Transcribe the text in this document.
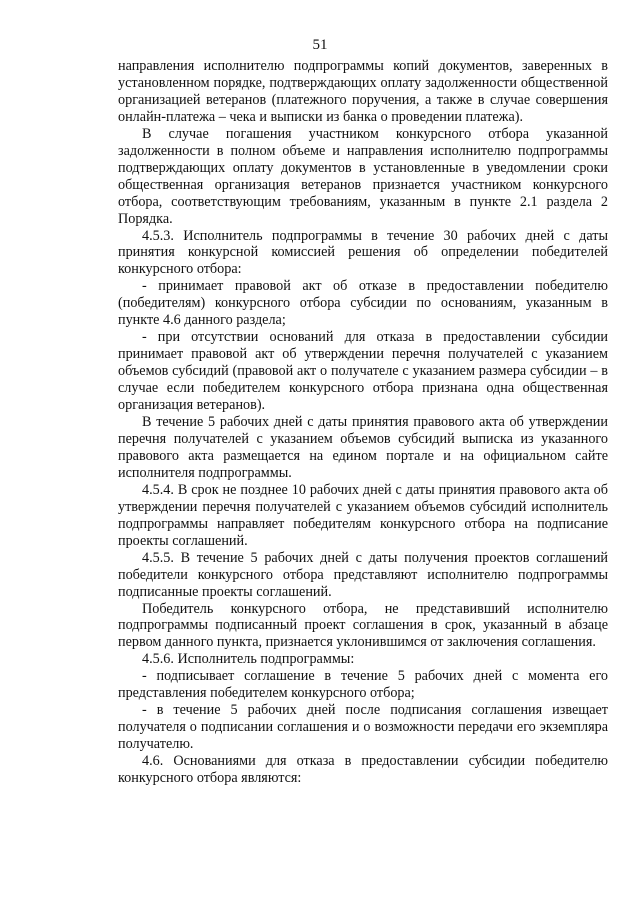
51

направления исполнителю подпрограммы копий документов, заверенных в установленном порядке, подтверждающих оплату задолженности общественной организацией ветеранов (платежного поручения, а также в случае совершения онлайн-платежа – чека и выписки из банка о проведении платежа).

В случае погашения участником конкурсного отбора указанной задолженности в полном объеме и направления исполнителю подпрограммы подтверждающих оплату документов в установленные в уведомлении сроки общественная организация ветеранов признается участником конкурсного отбора, соответствующим требованиям, указанным в пункте 2.1 раздела 2 Порядка.

4.5.3. Исполнитель подпрограммы в течение 30 рабочих дней с даты принятия конкурсной комиссией решения об определении победителей конкурсного отбора:

- принимает правовой акт об отказе в предоставлении победителю (победителям) конкурсного отбора субсидии по основаниям, указанным в пункте 4.6 данного раздела;

- при отсутствии оснований для отказа в предоставлении субсидии принимает правовой акт об утверждении перечня получателей с указанием объемов субсидий (правовой акт о получателе с указанием размера субсидии – в случае если победителем конкурсного отбора признана одна общественная организация ветеранов).

В течение 5 рабочих дней с даты принятия правового акта об утверждении перечня получателей с указанием объемов субсидий выписка из указанного правового акта размещается на едином портале и на официальном сайте исполнителя подпрограммы.

4.5.4. В срок не позднее 10 рабочих дней с даты принятия правового акта об утверждении перечня получателей с указанием объемов субсидий исполнитель подпрограммы направляет победителям конкурсного отбора на подписание проекты соглашений.

4.5.5. В течение 5 рабочих дней с даты получения проектов соглашений победители конкурсного отбора представляют исполнителю подпрограммы подписанные проекты соглашений.

Победитель конкурсного отбора, не представивший исполнителю подпрограммы подписанный проект соглашения в срок, указанный в абзаце первом данного пункта, признается уклонившимся от заключения соглашения.

4.5.6. Исполнитель подпрограммы:

- подписывает соглашение в течение 5 рабочих дней с момента его представления победителем конкурсного отбора;

- в течение 5 рабочих дней после подписания соглашения извещает получателя о подписании соглашения и о возможности передачи его экземпляра получателю.

4.6. Основаниями для отказа в предоставлении субсидии победителю конкурсного отбора являются:
